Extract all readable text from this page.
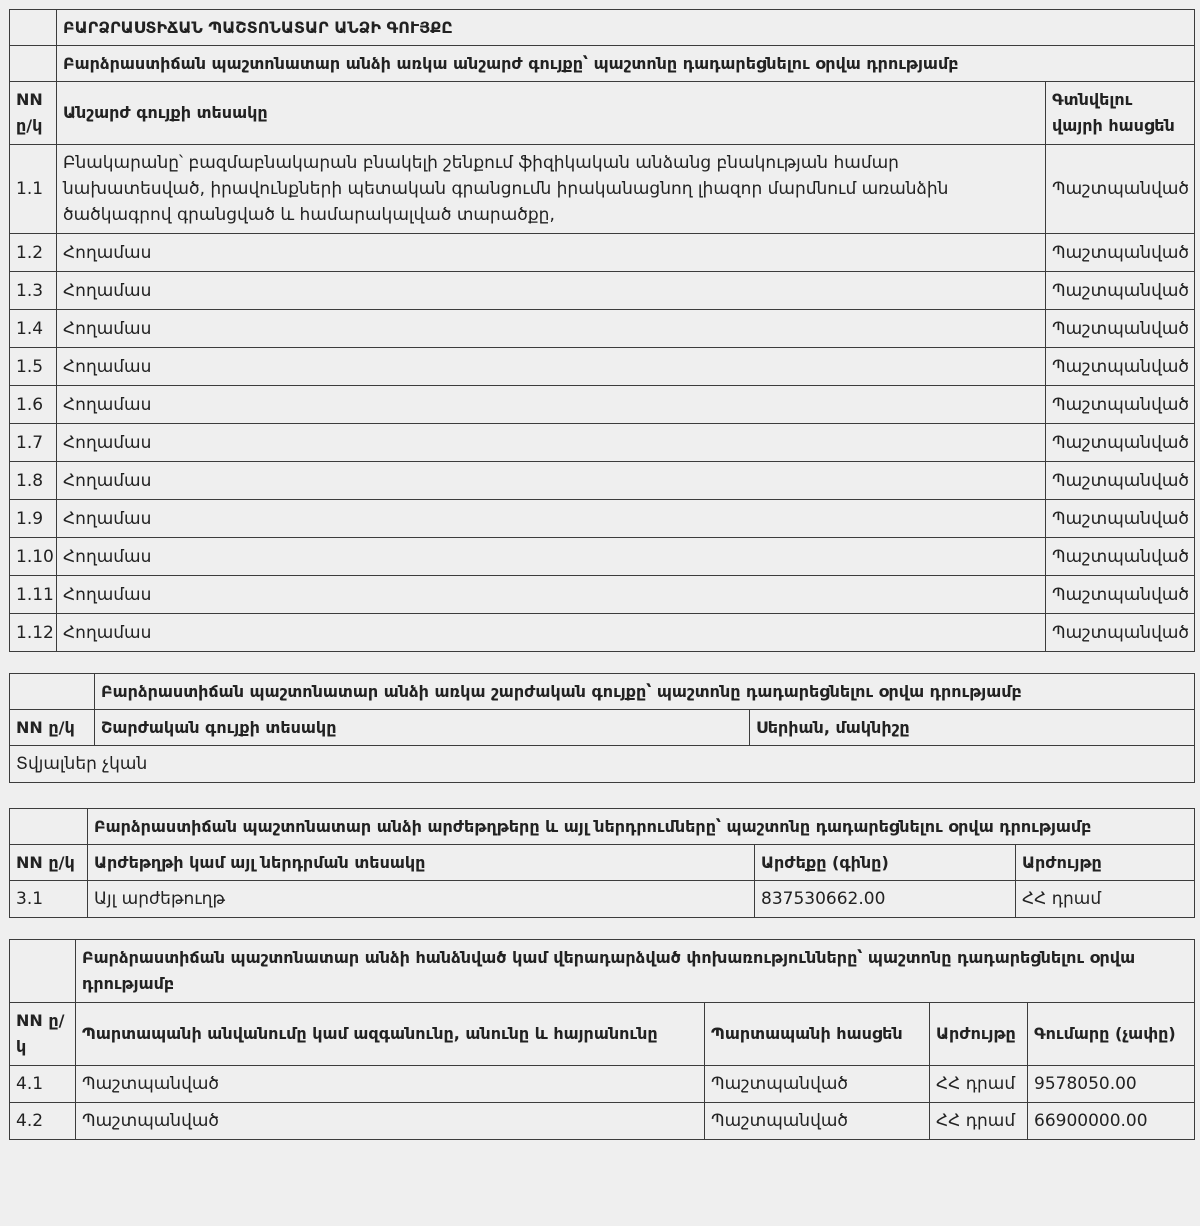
	ԲԱՐՁՐԱՍՏԻՃԱՆ ՊԱՇՏՈՆԱՏԱՐ ԱՆՁԻ ԳՈՒՅՔԸ	
	Բարձրաստիճան պաշտոնատար անձի առկա անշարժ գույքը՝ պաշտոնը դադարեցնելու օրվա դրությամբ	
NN ը/կ	Անշարժ գույքի տեսակը	Գտնվելու վայրի հասցեն
1.1	Բնակարանը՝ բազմաբնակարան բնակելի շենքում ֆիզիկական անձանց բնակության համար նախատեսված, իրավունքների պետական գրանցումն իրականացնող լիազոր մարմնում առանձին ծածկագրով գրանցված և համարակալված տարածքը,	Պաշտպանված
1.2	Հողամաս	Պաշտպանված
1.3	Հողամաս	Պաշտպանված
1.4	Հողամաս	Պաշտպանված
1.5	Հողամաս	Պաշտպանված
1.6	Հողամաս	Պաշտպանված
1.7	Հողամաս	Պաշտպանված
1.8	Հողամաս	Պաշտպանված
1.9	Հողամաս	Պաշտպանված
1.10	Հողամաս	Պաշտպանված
1.11	Հողամաս	Պաշտպանված
1.12	Հողամաս	Պաշտպանված
	Բարձրաստիճան պաշտոնատար անձի առկա շարժական գույքը՝ պաշտոնը դադարեցնելու օրվա դրությամբ	
NN ը/կ	Շարժական գույքի տեսակը	Սերիան, մակնիշը
Տվյալներ չկան		
	Բարձրաստիճան պաշտոնատար անձի արժեթղթերը և այլ ներդրումները՝ պաշտոնը դադարեցնելու օրվա դրությամբ		
NN ը/կ	Արժեթղթի կամ այլ ներդրման տեսակը	Արժեքը (գինը)	Արժույթը
3.1	Այլ արժեթուղթ	837530662.00	ՀՀ դրամ
	Բարձրաստիճան պաշտոնատար անձի հանձնված կամ վերադարձված փոխառությունները՝ պաշտոնը դադարեցնելու օրվա դրությամբ			
NN ը/ կ	Պարտապանի անվանումը կամ ազգանունը, անունը և հայրանունը	Պարտապանի հասցեն	Արժույթը	Գումարը (չափը)
4.1	Պաշտպանված	Պաշտպանված	ՀՀ դրամ	9578050.00
4.2	Պաշտպանված	Պաշտպանված	ՀՀ դրամ	66900000.00
